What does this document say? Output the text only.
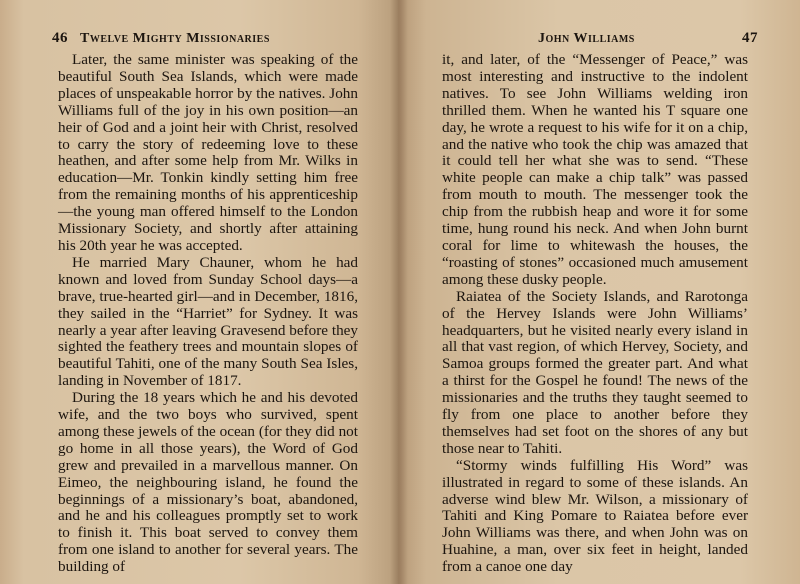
46 Twelve Mighty Missionaries

Later, the same minister was speaking of the beautiful South Sea Islands, which were made places of unspeakable horror by the natives. John Williams full of the joy in his own position—an heir of God and a joint heir with Christ, resolved to carry the story of redeeming love to these heathen, and after some help from Mr. Wilks in education—Mr. Tonkin kindly setting him free from the remaining months of his apprenticeship—the young man offered himself to the London Missionary Society, and shortly after attaining his 20th year he was accepted.

He married Mary Chauner, whom he had known and loved from Sunday School days—a brave, true-hearted girl—and in December, 1816, they sailed in the “Harriet” for Sydney. It was nearly a year after leaving Gravesend before they sighted the feathery trees and mountain slopes of beautiful Tahiti, one of the many South Sea Isles, landing in November of 1817.

During the 18 years which he and his devoted wife, and the two boys who survived, spent among these jewels of the ocean (for they did not go home in all those years), the Word of God grew and prevailed in a marvellous manner. On Eimeo, the neighbouring island, he found the beginnings of a missionary’s boat, abandoned, and he and his colleagues promptly set to work to finish it. This boat served to convey them from one island to another for several years. The building of

John Williams	47

it, and later, of the “Messenger of Peace,” was most interesting and instructive to the indolent natives. To see John Williams welding iron thrilled them. When he wanted his T square one day, he wrote a request to his wife for it on a chip, and the native who took the chip was amazed that it could tell her what she was to send. “These white people can make a chip talk” was passed from mouth to mouth. The messenger took the chip from the rubbish heap and wore it for some time, hung round his neck. And when John burnt coral for lime to whitewash the houses, the “roasting of stones” occasioned much amusement among these dusky people.

Raiatea of the Society Islands, and Rarotonga of the Hervey Islands were John Williams’ headquarters, but he visited nearly every island in all that vast region, of which Hervey, Society, and Samoa groups formed the greater part. And what a thirst for the Gospel he found! The news of the missionaries and the truths they taught seemed to fly from one place to another before they themselves had set foot on the shores of any but those near to Tahiti.

“Stormy winds fulfilling His Word” was illustrated in regard to some of these islands. An adverse wind blew Mr. Wilson, a missionary of Tahiti and King Pomare to Raiatea before ever John Williams was there, and when John was on Huahine, a man, over six feet in height, landed from a canoe one day
